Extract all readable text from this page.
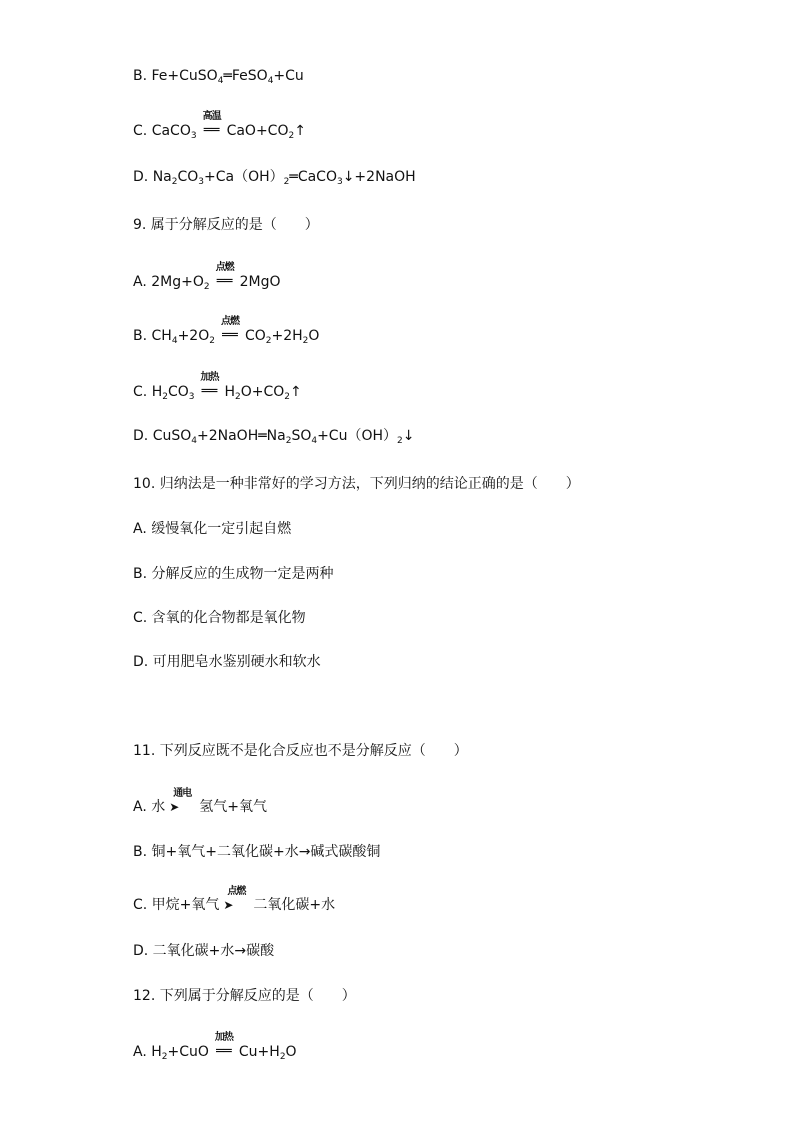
B. Fe+CuSO$_4$═FeSO$_4$+Cu
C. CaCO$_3$
高温
══ $CaO+CO_2↑$
D. $Na_2CO_3+Ca(OH)_2═CaCO_3↓+2NaOH$
9. 属于分解反应的是（　　）
A. $2Mg+O_2$
点燃
══ 2MgO
B. $CH_4+2O_2$
点燃
══ $CO_2+2H_2O$
C. $H_2CO_3$
加热
══ $H_2O+CO_2↑$
D. $CuSO_4+2NaOH═Na_2SO_4+Cu(OH)_2↓$
10. 归纳法是一种非常好的学习方法，下列归纳的结论正确的是（　　）
A. 缓慢氧化一定引起自燃
B. 分解反应的生成物一定是两种
C. 含氧的化合物都是氧化物
D. 可用肥皂水鉴别硬水和软水
11. 下列反应既不是化合反应也不是分解反应（　　）
A. 水
通电
➤ 氢气+氧气
B. 铜+氧气+二氧化碳+水→碱式碳酸铜
C. 甲烷+氧气
点燃
➤ 二氧化碳+水
D. 二氧化碳+水→碳酸
12. 下列属于分解反应的是（　　）
A. $H_2+CuO$
加热
══ $Cu+H_2O$
